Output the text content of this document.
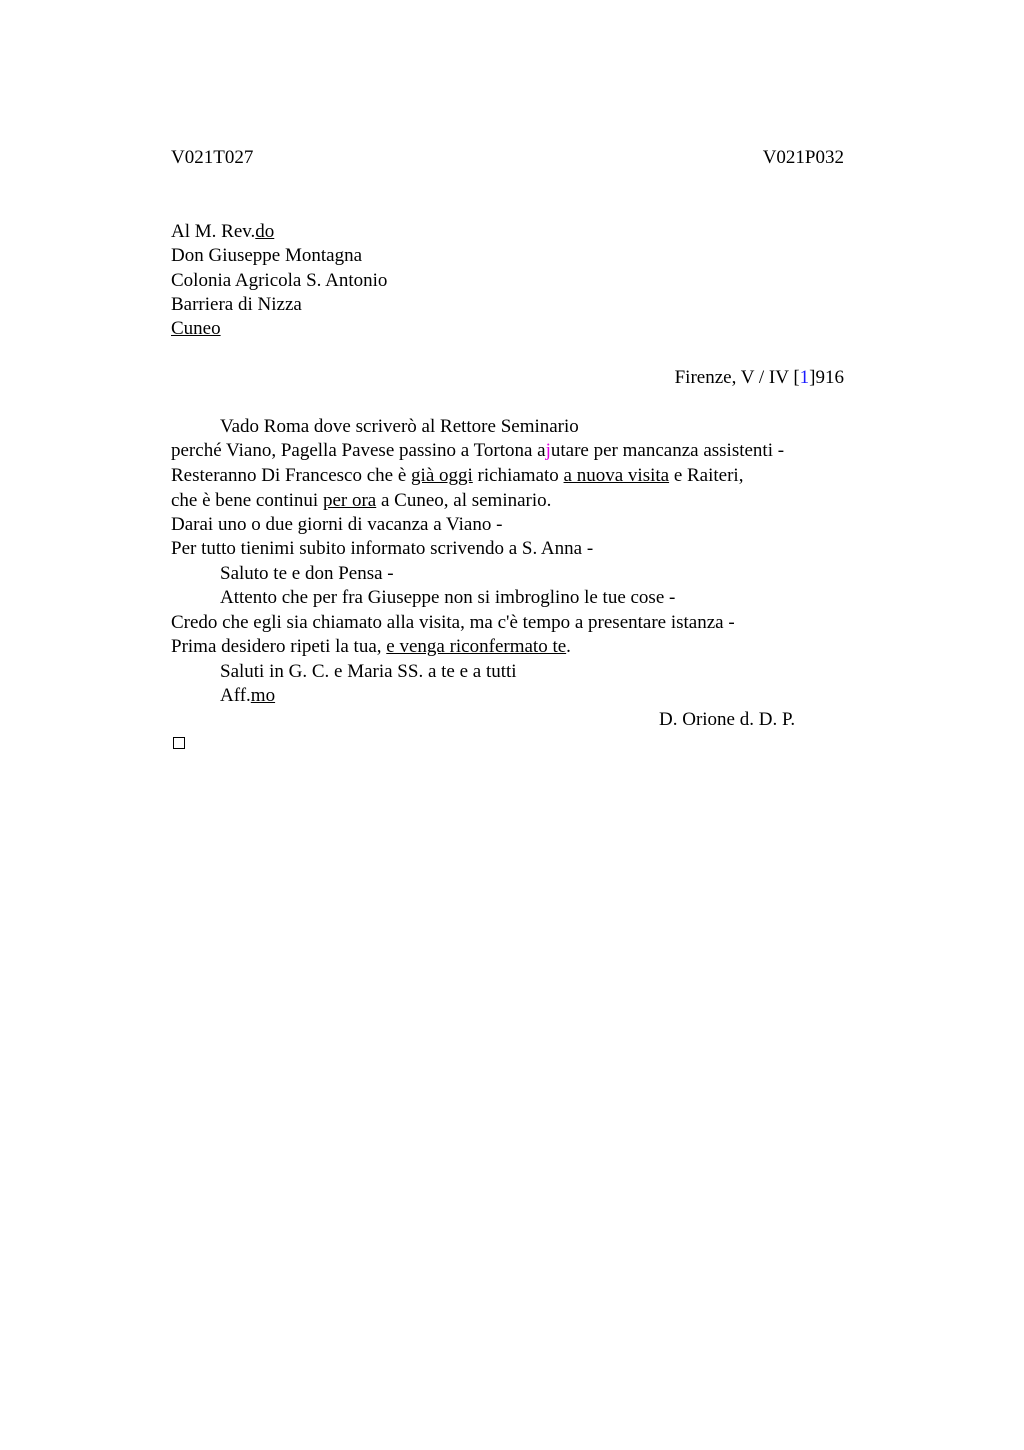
V021T027	V021P032
Al M. Rev.do
Don Giuseppe Montagna
Colonia Agricola S. Antonio
Barriera di Nizza
Cuneo
Firenze, V / IV [1]916
Vado Roma dove scriverò al Rettore Seminario
perché Viano, Pagella Pavese passino a Tortona ajutare per mancanza assistenti -
Resteranno Di Francesco che è già oggi richiamato a nuova visita e Raiteri,
che è bene continui per ora a Cuneo, al seminario.
Darai uno o due giorni di vacanza a Viano -
Per tutto tienimi subito informato scrivendo a S. Anna -
Saluto te e don Pensa -
Attento che per fra Giuseppe non si imbroglino le tue cose -
Credo che egli sia chiamato alla visita, ma c'è tempo a presentare istanza -
Prima desidero ripeti la tua, e venga riconfermato te.
Saluti in G. C. e Maria SS. a te e a tutti
Aff.mo
D. Orione d. D. P.
